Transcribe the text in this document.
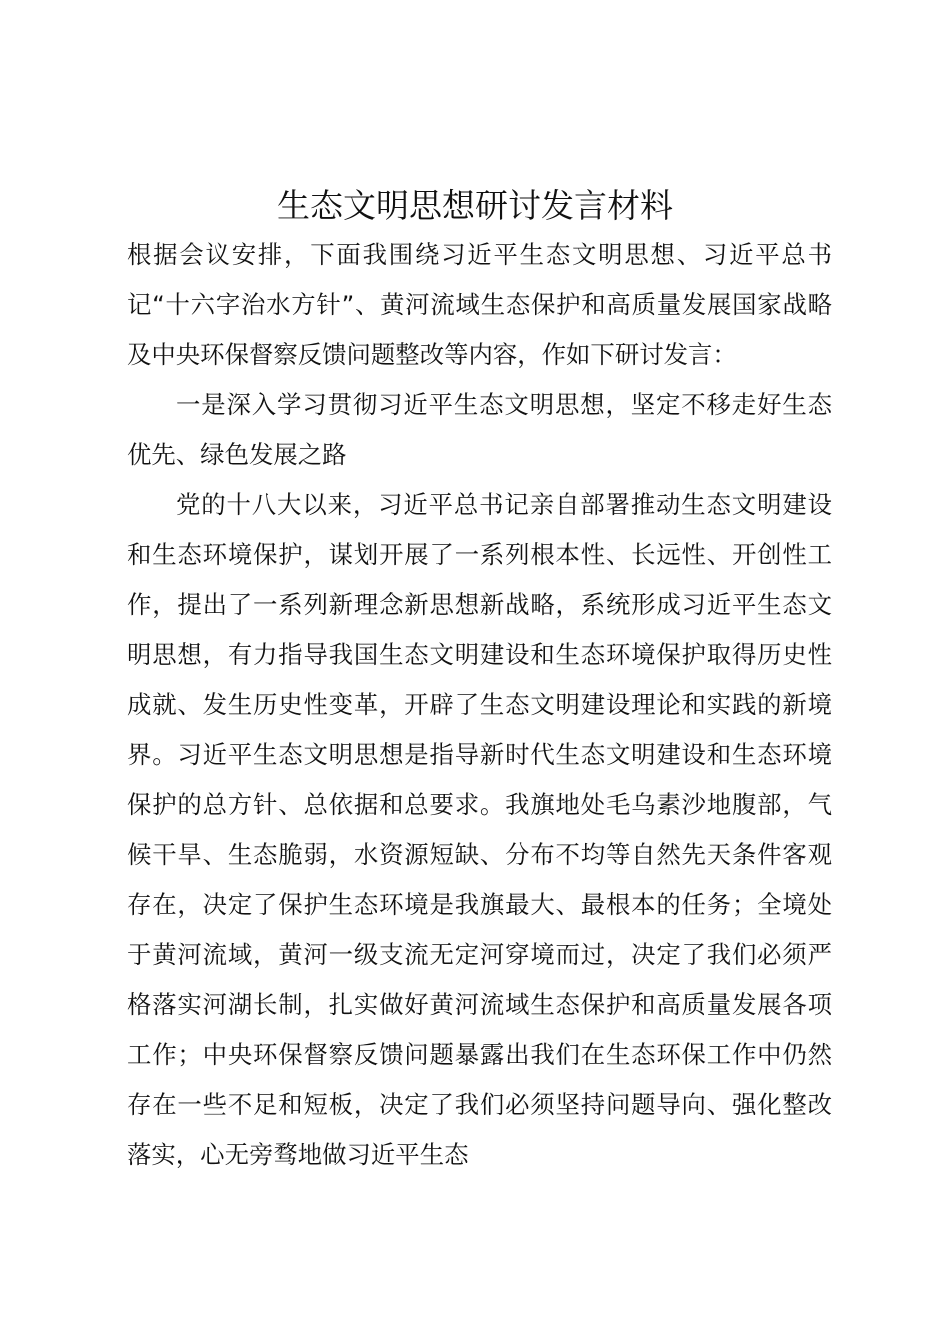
生态文明思想研讨发言材料

根据会议安排，下面我围绕习近平生态文明思想、习近平总书记“十六字治水方针”、黄河流域生态保护和高质量发展国家战略及中央环保督察反馈问题整改等内容，作如下研讨发言：

一是深入学习贯彻习近平生态文明思想，坚定不移走好生态优先、绿色发展之路

党的十八大以来，习近平总书记亲自部署推动生态文明建设和生态环境保护，谋划开展了一系列根本性、长远性、开创性工作，提出了一系列新理念新思想新战略，系统形成习近平生态文明思想，有力指导我国生态文明建设和生态环境保护取得历史性成就、发生历史性变革，开辟了生态文明建设理论和实践的新境界。习近平生态文明思想是指导新时代生态文明建设和生态环境保护的总方针、总依据和总要求。我旗地处毛乌素沙地腹部，气候干旱、生态脆弱，水资源短缺、分布不均等自然先天条件客观存在，决定了保护生态环境是我旗最大、最根本的任务；全境处于黄河流域，黄河一级支流无定河穿境而过，决定了我们必须严格落实河湖长制，扎实做好黄河流域生态保护和高质量发展各项工作；中央环保督察反馈问题暴露出我们在生态环保工作中仍然存在一些不足和短板，决定了我们必须坚持问题导向、强化整改落实，心无旁骛地做习近平生态
